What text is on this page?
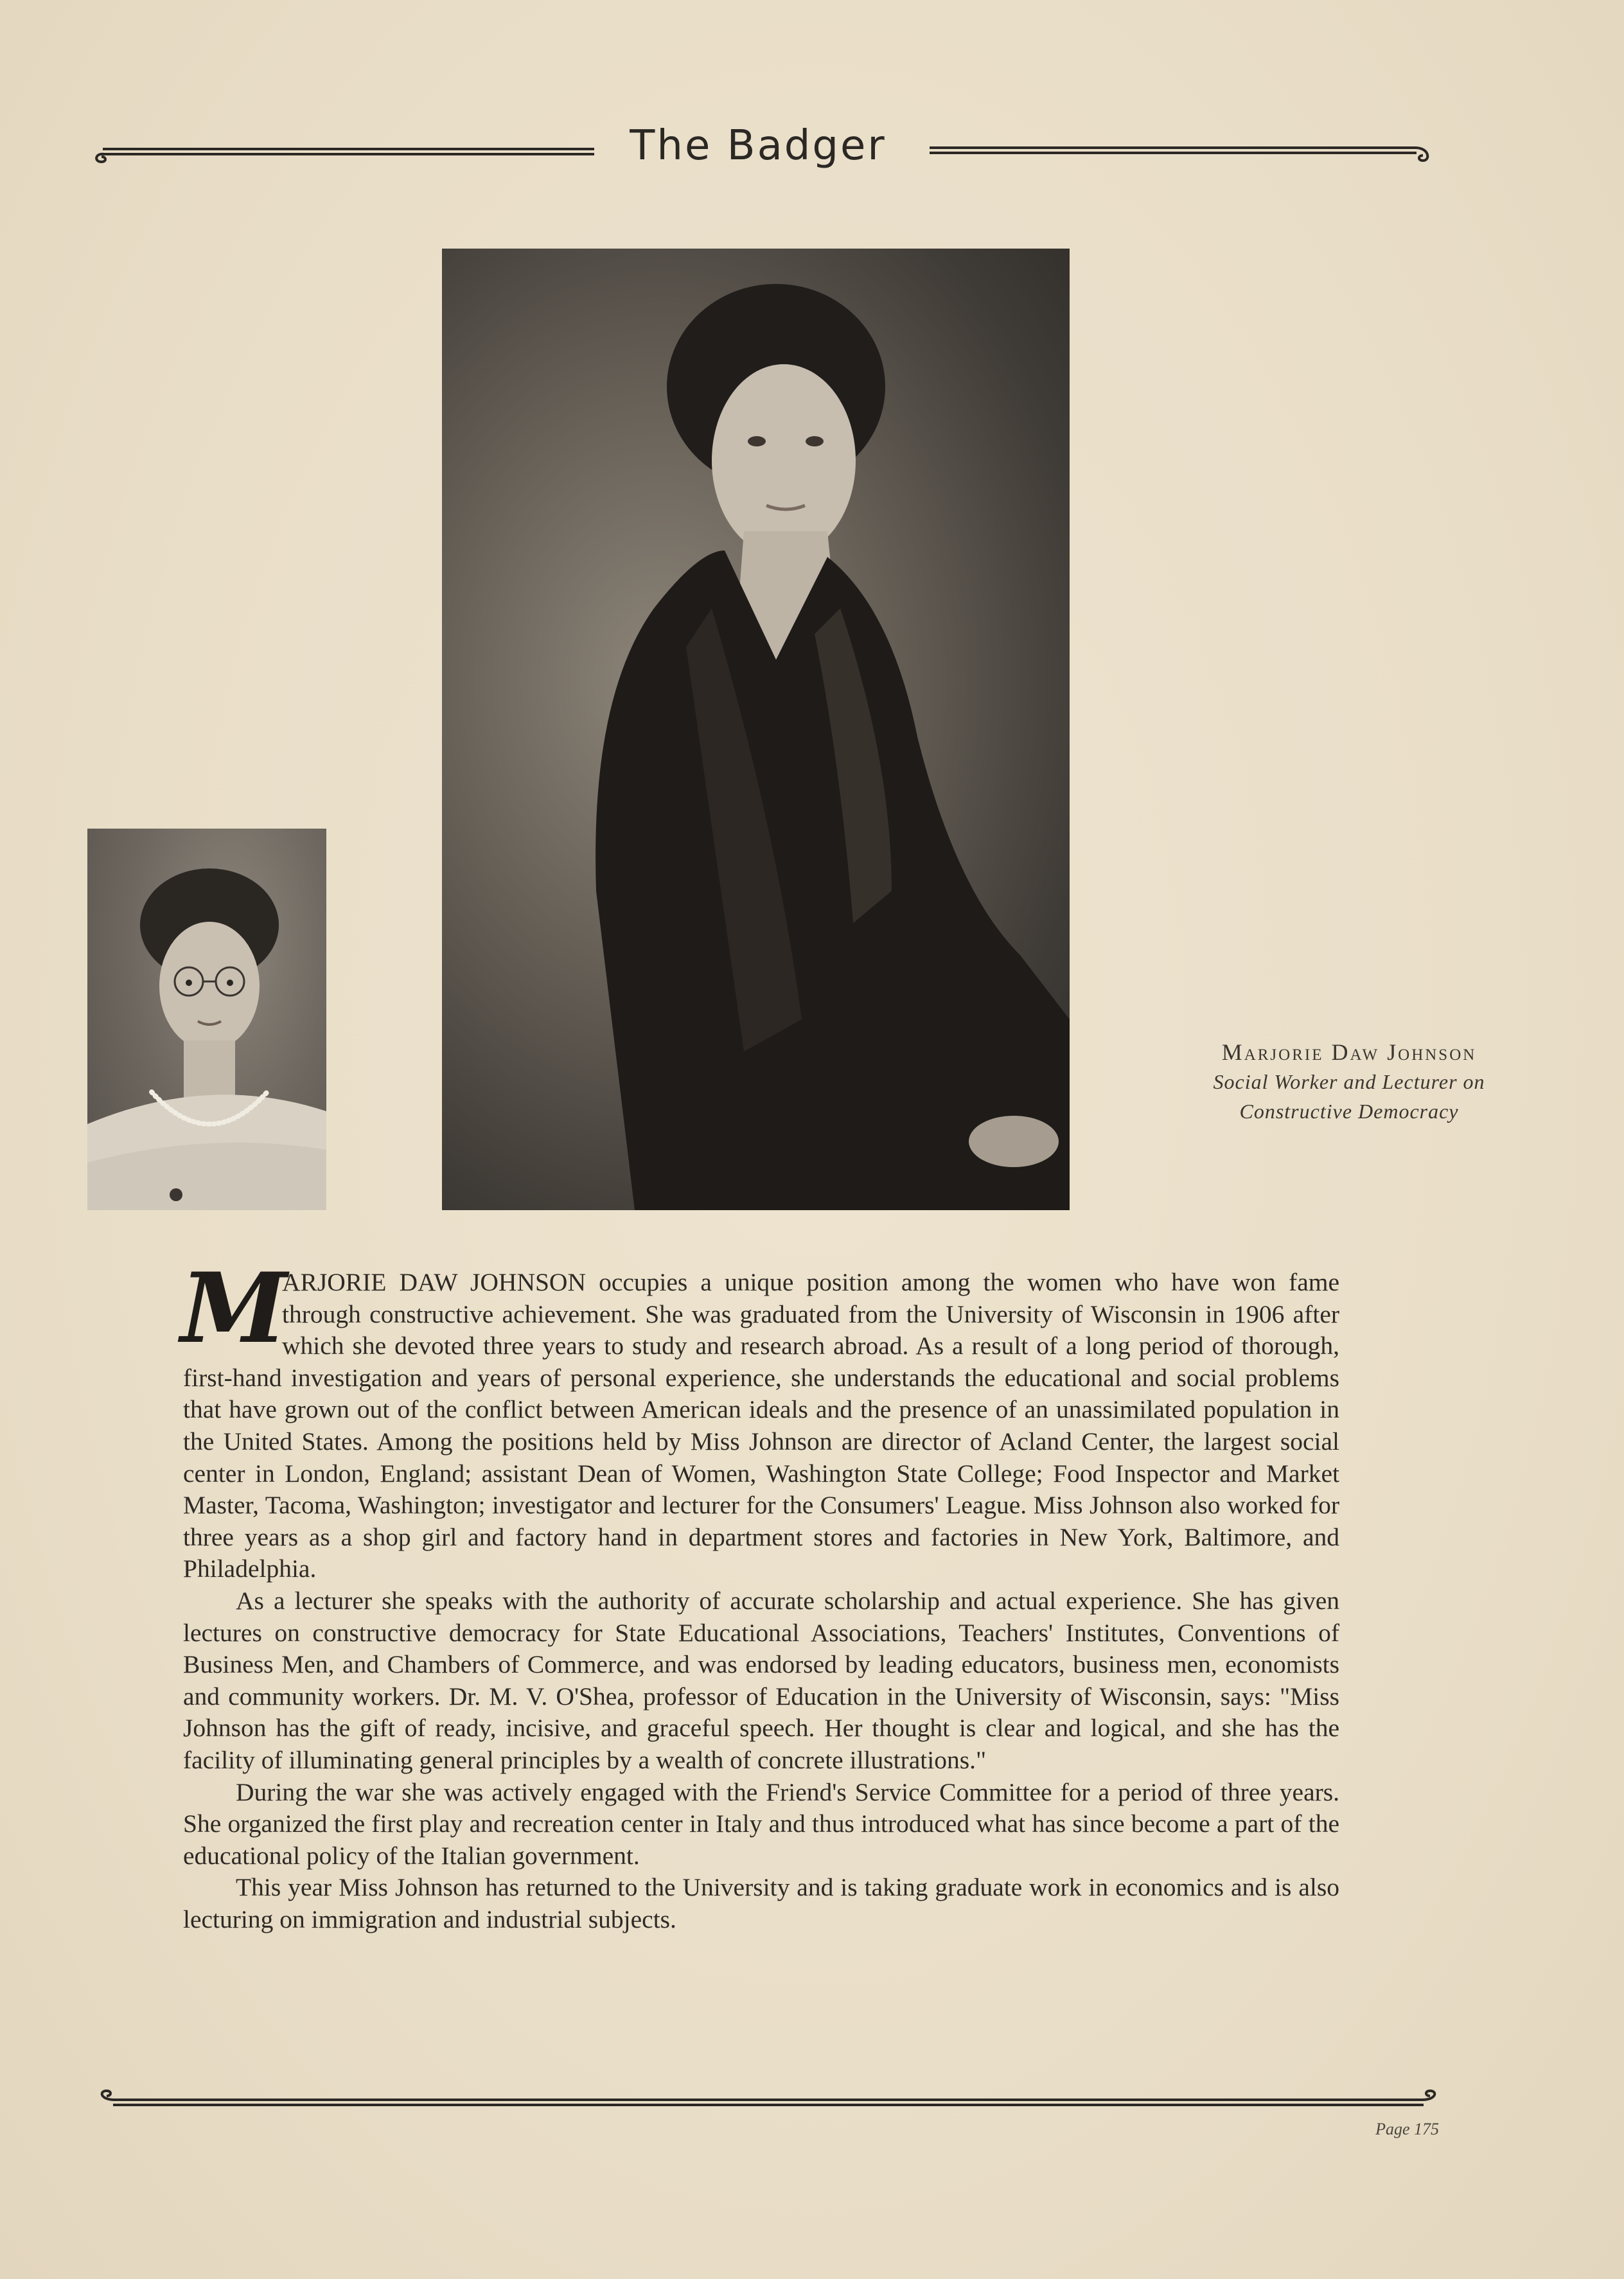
The Badger
Marjorie Daw Johnson
Social Worker and Lecturer on
Constructive Democracy

M
ARJORIE DAW JOHNSON occupies a unique position among the women who have won fame through constructive achievement. She was graduated from the University of Wisconsin in 1906 after which she devoted three years to study and research abroad. As a result of a long period of thorough, first-hand investigation and years of personal experience, she understands the educational and social problems that have grown out of the conflict between American ideals and the presence of an unassimilated population in the United States. Among the positions held by Miss Johnson are director of Acland Center, the largest social center in London, England; assistant Dean of Women, Washington State College; Food Inspector and Market Master, Tacoma, Washington; investigator and lecturer for the Consumers' League. Miss Johnson also worked for three years as a shop girl and factory hand in department stores and factories in New York, Baltimore, and Philadelphia.

As a lecturer she speaks with the authority of accurate scholarship and actual experience. She has given lectures on constructive democracy for State Educational Associations, Teachers' Institutes, Conventions of Business Men, and Chambers of Commerce, and was endorsed by leading educators, business men, economists and community workers. Dr. M. V. O'Shea, professor of Education in the University of Wisconsin, says: "Miss Johnson has the gift of ready, incisive, and graceful speech. Her thought is clear and logical, and she has the facility of illuminating general principles by a wealth of concrete illustrations."

During the war she was actively engaged with the Friend's Service Committee for a period of three years. She organized the first play and recreation center in Italy and thus introduced what has since become a part of the educational policy of the Italian government.

This year Miss Johnson has returned to the University and is taking graduate work in economics and is also lecturing on immigration and industrial subjects.

Page 175
